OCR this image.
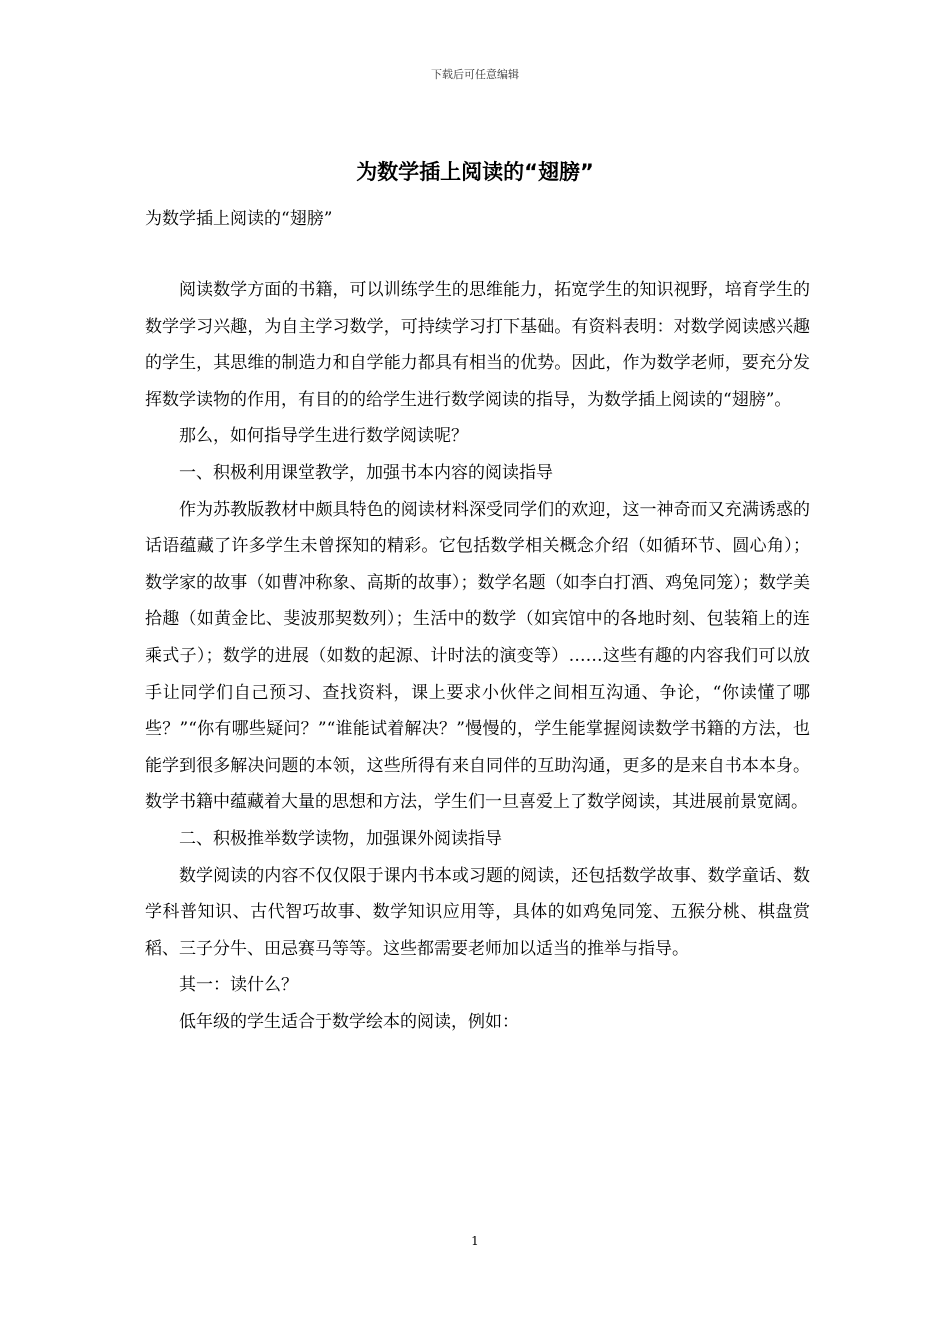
下载后可任意编辑
为数学插上阅读的“翅膀”
为数学插上阅读的“翅膀”

阅读数学方面的书籍，可以训练学生的思维能力，拓宽学生的知识视野，培育学生的数学学习兴趣，为自主学习数学，可持续学习打下基础。有资料表明：对数学阅读感兴趣的学生，其思维的制造力和自学能力都具有相当的优势。因此，作为数学老师，要充分发挥数学读物的作用，有目的的给学生进行数学阅读的指导，为数学插上阅读的“翅膀”。

那么，如何指导学生进行数学阅读呢？

一、积极利用课堂教学，加强书本内容的阅读指导

作为苏教版教材中颇具特色的阅读材料深受同学们的欢迎，这一神奇而又充满诱惑的话语蕴藏了许多学生未曾探知的精彩。它包括数学相关概念介绍（如循环节、圆心角）；数学家的故事（如曹冲称象、高斯的故事）；数学名题（如李白打酒、鸡兔同笼）；数学美拾趣（如黄金比、斐波那契数列）；生活中的数学（如宾馆中的各地时刻、包装箱上的连乘式子）；数学的进展（如数的起源、计时法的演变等）……这些有趣的内容我们可以放手让同学们自己预习、查找资料，课上要求小伙伴之间相互沟通、争论，“你读懂了哪些？”“你有哪些疑问？”“谁能试着解决？”慢慢的，学生能掌握阅读数学书籍的方法，也能学到很多解决问题的本领，这些所得有来自同伴的互助沟通，更多的是来自书本本身。数学书籍中蕴藏着大量的思想和方法，学生们一旦喜爱上了数学阅读，其进展前景宽阔。

二、积极推举数学读物，加强课外阅读指导

数学阅读的内容不仅仅限于课内书本或习题的阅读，还包括数学故事、数学童话、数学科普知识、古代智巧故事、数学知识应用等，具体的如鸡兔同笼、五猴分桃、棋盘赏稻、三子分牛、田忌赛马等等。这些都需要老师加以适当的推举与指导。

其一：读什么？

低年级的学生适合于数学绘本的阅读，例如：

1
